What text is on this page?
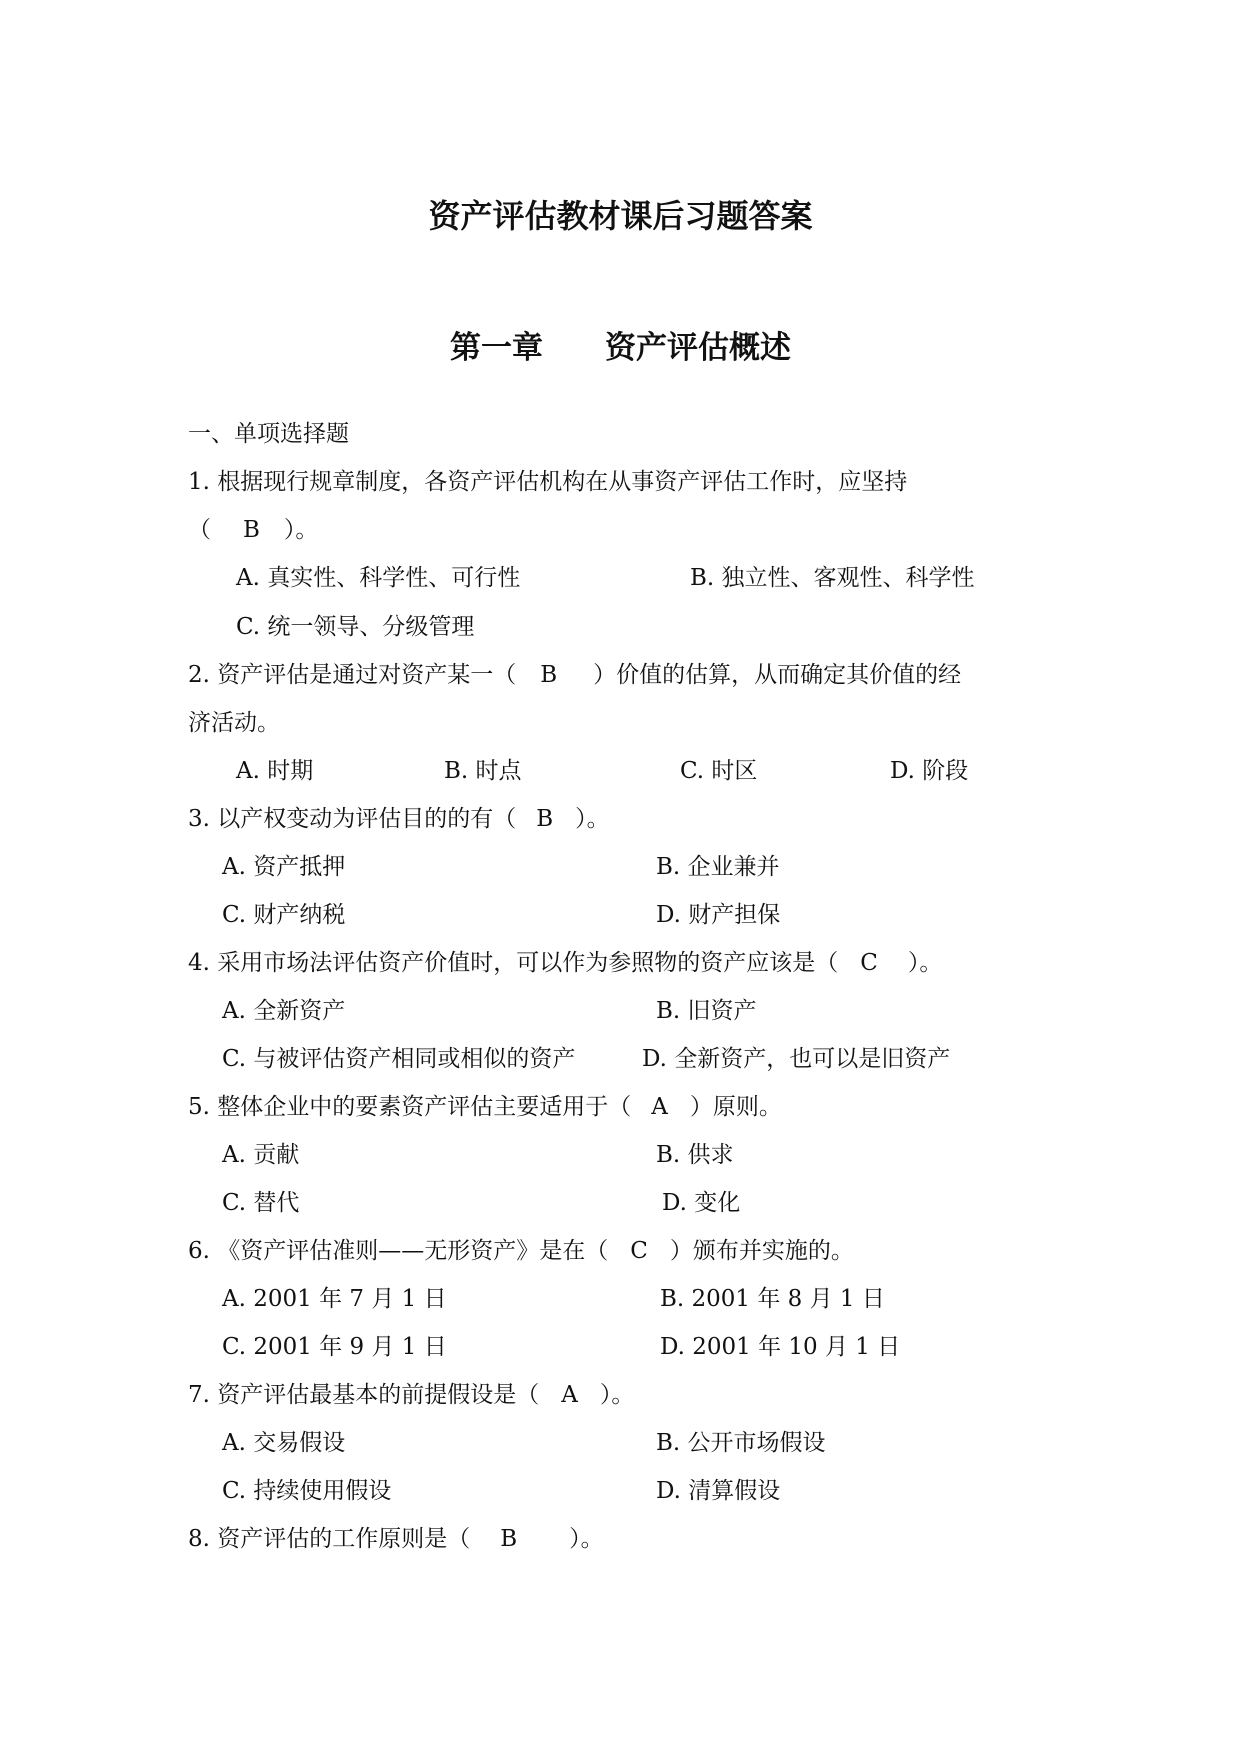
资产评估教材课后习题答案
第一章　　资产评估概述
一、单项选择题
1. 根据现行规章制度，各资产评估机构在从事资产评估工作时，应坚持
（ B ）。
A. 真实性、科学性、可行性	B. 独立性、客观性、科学性
C. 统一领导、分级管理
2. 资产评估是通过对资产某一（ B ）价值的估算，从而确定其价值的经
济活动。
A. 时期	B. 时点	C. 时区	D. 阶段
3. 以产权变动为评估目的的有（ B ）。
A. 资产抵押	B. 企业兼并
C. 财产纳税	D. 财产担保
4. 采用市场法评估资产价值时，可以作为参照物的资产应该是（ C ）。
A. 全新资产	B. 旧资产
C. 与被评估资产相同或相似的资产	D. 全新资产，也可以是旧资产
5. 整体企业中的要素资产评估主要适用于（ A ）原则。
A. 贡献	B. 供求
C. 替代	D. 变化
6. 《资产评估准则——无形资产》是在（ C ）颁布并实施的。
A. 2001 年 7 月 1 日	B. 2001 年 8 月 1 日
C. 2001 年 9 月 1 日	D. 2001 年 10 月 1 日
7. 资产评估最基本的前提假设是（ A ）。
A. 交易假设	B. 公开市场假设
C. 持续使用假设	D. 清算假设
8. 资产评估的工作原则是（ B ）。
